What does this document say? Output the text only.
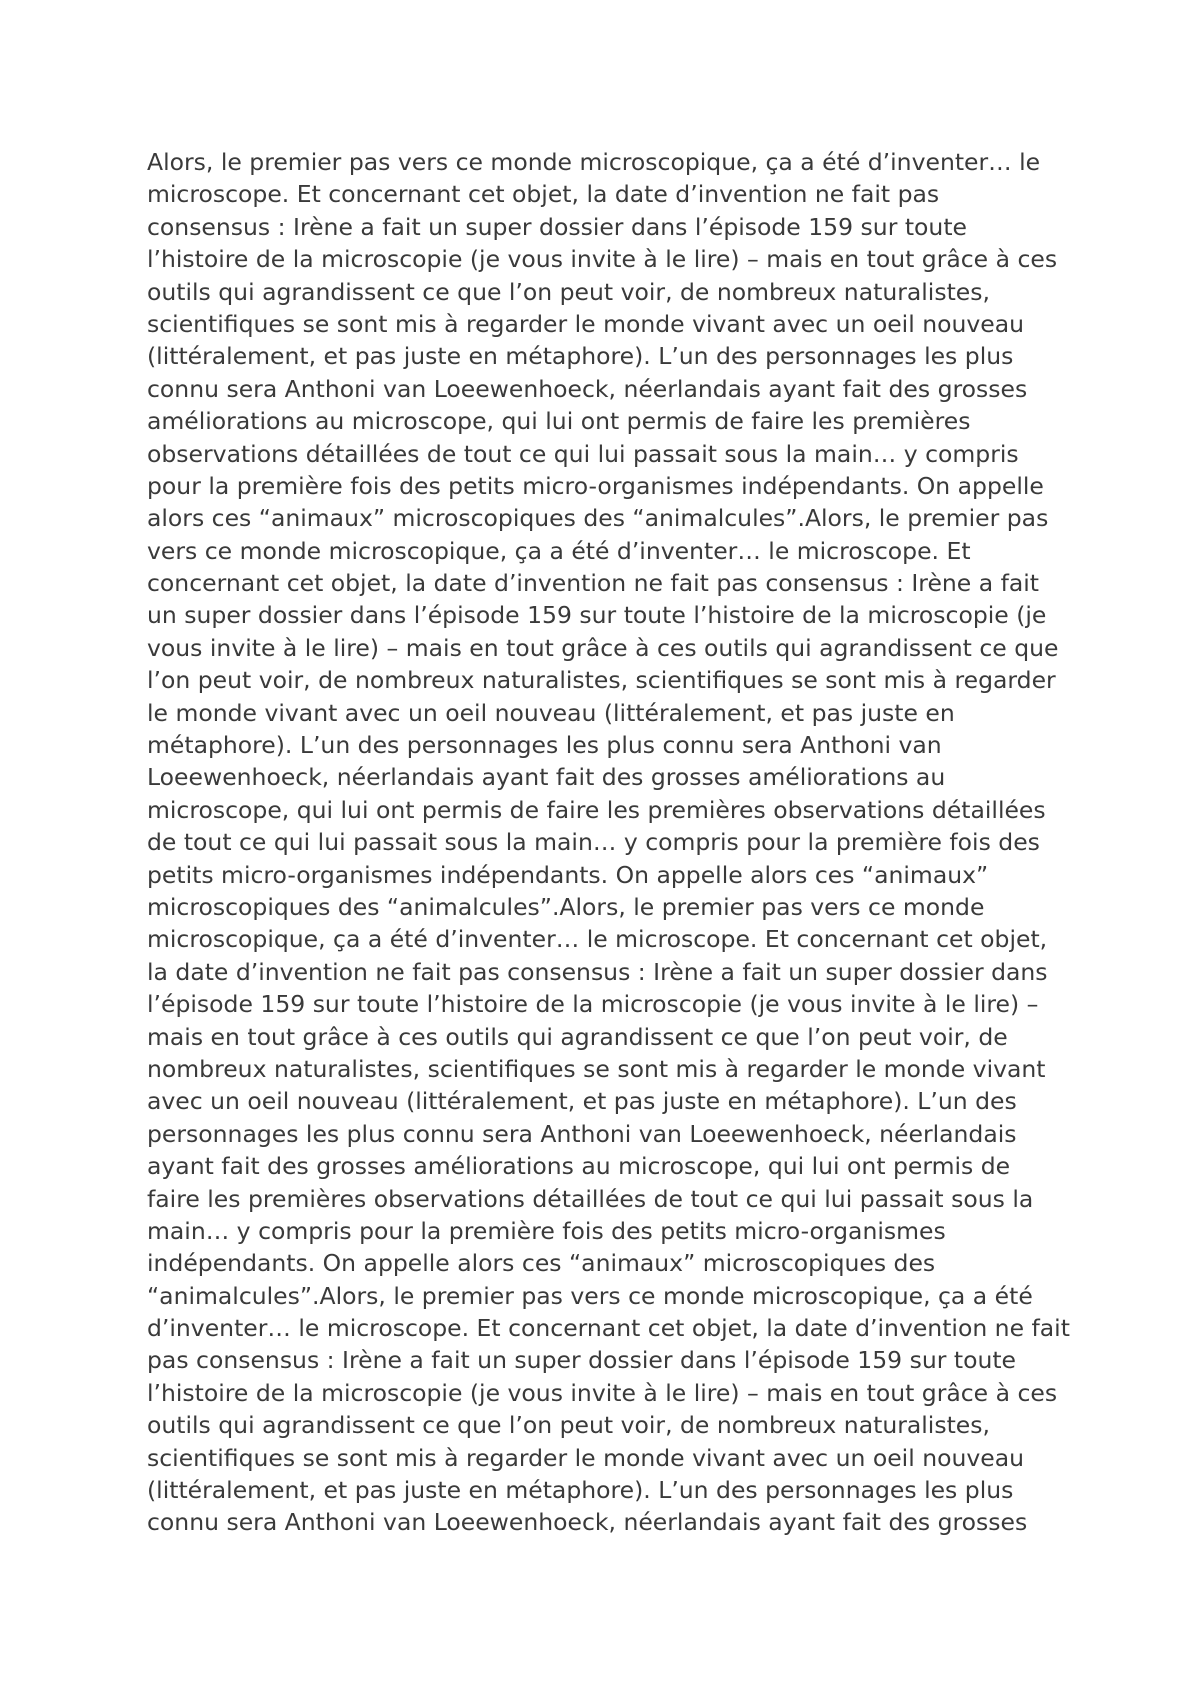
Alors, le premier pas vers ce monde microscopique, ça a été d’inventer… le
microscope. Et concernant cet objet, la date d’invention ne fait pas
consensus : Irène a fait un super dossier dans l’épisode 159 sur toute
l’histoire de la microscopie (je vous invite à le lire) – mais en tout grâce à ces
outils qui agrandissent ce que l’on peut voir, de nombreux naturalistes,
scientifiques se sont mis à regarder le monde vivant avec un oeil nouveau
(littéralement, et pas juste en métaphore). L’un des personnages les plus
connu sera Anthoni van Loeewenhoeck, néerlandais ayant fait des grosses
améliorations au microscope, qui lui ont permis de faire les premières
observations détaillées de tout ce qui lui passait sous la main… y compris
pour la première fois des petits micro-organismes indépendants. On appelle
alors ces “animaux” microscopiques des “animalcules”.Alors, le premier pas
vers ce monde microscopique, ça a été d’inventer… le microscope. Et
concernant cet objet, la date d’invention ne fait pas consensus : Irène a fait
un super dossier dans l’épisode 159 sur toute l’histoire de la microscopie (je
vous invite à le lire) – mais en tout grâce à ces outils qui agrandissent ce que
l’on peut voir, de nombreux naturalistes, scientifiques se sont mis à regarder
le monde vivant avec un oeil nouveau (littéralement, et pas juste en
métaphore). L’un des personnages les plus connu sera Anthoni van
Loeewenhoeck, néerlandais ayant fait des grosses améliorations au
microscope, qui lui ont permis de faire les premières observations détaillées
de tout ce qui lui passait sous la main… y compris pour la première fois des
petits micro-organismes indépendants. On appelle alors ces “animaux”
microscopiques des “animalcules”.Alors, le premier pas vers ce monde
microscopique, ça a été d’inventer… le microscope. Et concernant cet objet,
la date d’invention ne fait pas consensus : Irène a fait un super dossier dans
l’épisode 159 sur toute l’histoire de la microscopie (je vous invite à le lire) –
mais en tout grâce à ces outils qui agrandissent ce que l’on peut voir, de
nombreux naturalistes, scientifiques se sont mis à regarder le monde vivant
avec un oeil nouveau (littéralement, et pas juste en métaphore). L’un des
personnages les plus connu sera Anthoni van Loeewenhoeck, néerlandais
ayant fait des grosses améliorations au microscope, qui lui ont permis de
faire les premières observations détaillées de tout ce qui lui passait sous la
main… y compris pour la première fois des petits micro-organismes
indépendants. On appelle alors ces “animaux” microscopiques des
“animalcules”.Alors, le premier pas vers ce monde microscopique, ça a été
d’inventer… le microscope. Et concernant cet objet, la date d’invention ne fait
pas consensus : Irène a fait un super dossier dans l’épisode 159 sur toute
l’histoire de la microscopie (je vous invite à le lire) – mais en tout grâce à ces
outils qui agrandissent ce que l’on peut voir, de nombreux naturalistes,
scientifiques se sont mis à regarder le monde vivant avec un oeil nouveau
(littéralement, et pas juste en métaphore). L’un des personnages les plus
connu sera Anthoni van Loeewenhoeck, néerlandais ayant fait des grosses
